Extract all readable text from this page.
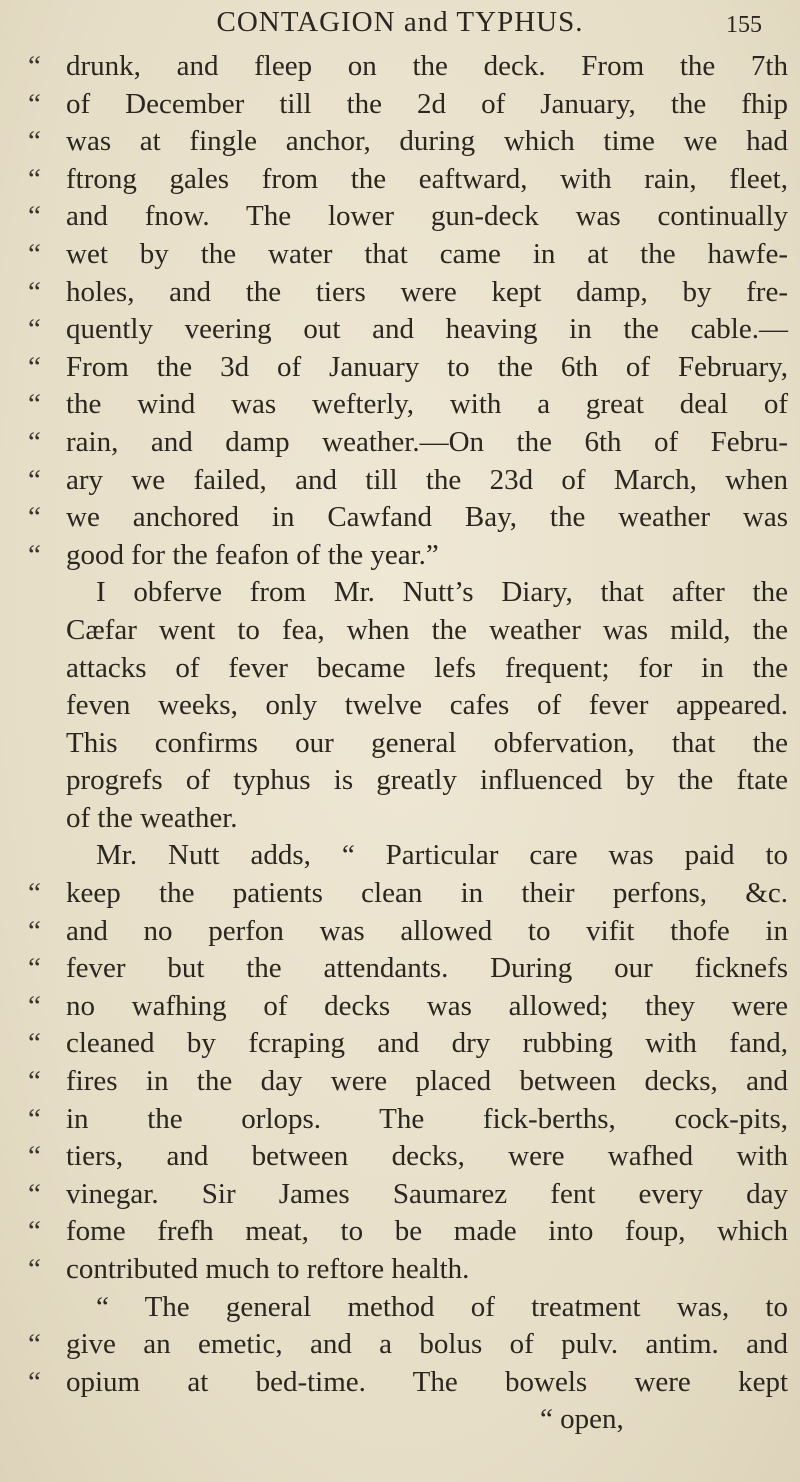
CONTAGION and TYPHUS.	155
“ drunk, and fleep on the deck. From the 7th
“ of December till the 2d of January, the fhip
“ was at fingle anchor, during which time we had
“ ftrong gales from the eaftward, with rain, fleet,
“ and fnow. The lower gun-deck was continually
“ wet by the water that came in at the hawfe-
“ holes, and the tiers were kept damp, by fre-
“ quently veering out and heaving in the cable.—
“ From the 3d of January to the 6th of February,
“ the wind was wefterly, with a great deal of
“ rain, and damp weather.—On the 6th of Febru-
“ ary we failed, and till the 23d of March, when
“ we anchored in Cawfand Bay, the weather was
“ good for the feafon of the year.”
I obferve from Mr. Nutt’s Diary, that after the
Cæfar went to fea, when the weather was mild, the
attacks of fever became lefs frequent; for in the
feven weeks, only twelve cafes of fever appeared.
This confirms our general obfervation, that the
progrefs of typhus is greatly influenced by the ftate
of the weather.
Mr. Nutt adds, “ Particular care was paid to
“ keep the patients clean in their perfons, &c.
“ and no perfon was allowed to vifit thofe in
“ fever but the attendants. During our ficknefs
“ no wafhing of decks was allowed; they were
“ cleaned by fcraping and dry rubbing with fand,
“ fires in the day were placed between decks, and
“ in the orlops. The fick-berths, cock-pits,
“ tiers, and between decks, were wafhed with
“ vinegar. Sir James Saumarez fent every day
“ fome frefh meat, to be made into foup, which
“ contributed much to reftore health.
“ The general method of treatment was, to
“ give an emetic, and a bolus of pulv. antim. and
“ opium at bed-time. The bowels were kept
“ open,
